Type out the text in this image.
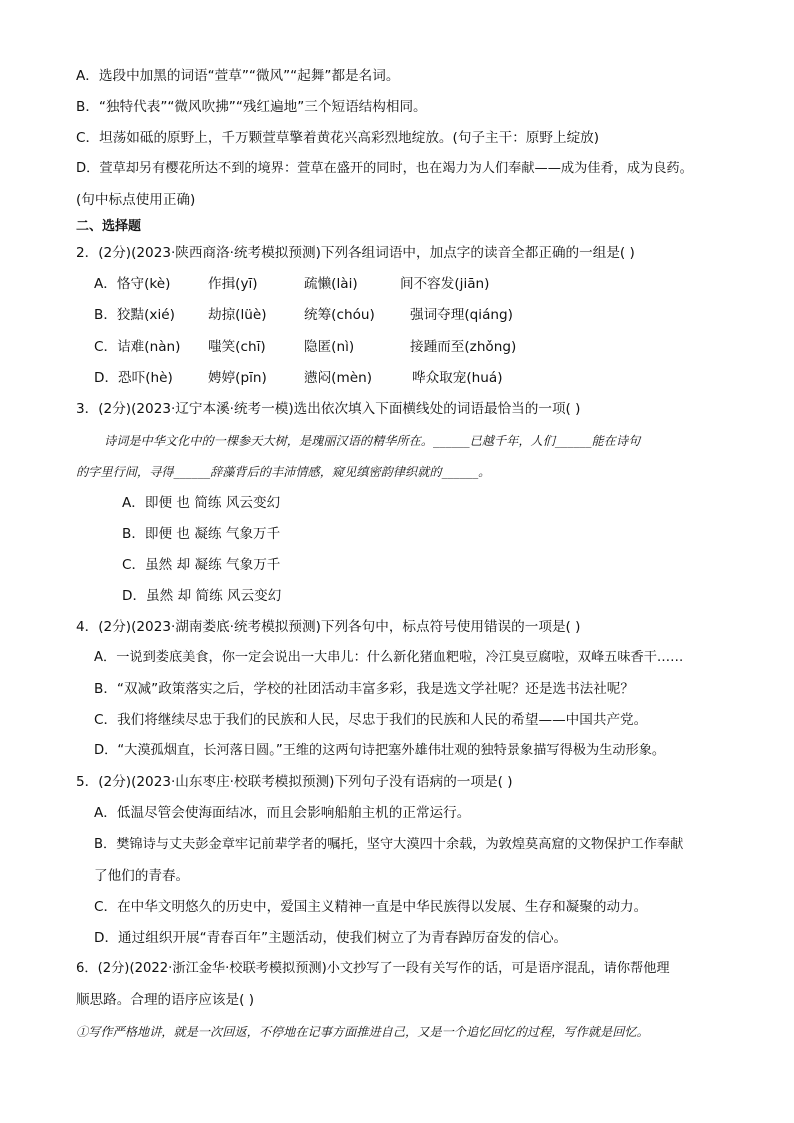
A．选段中加黑的词语“萱草”“微风”“起舞”都是名词。
B．“独特代表”“微风吹拂”“残红遍地”三个短语结构相同。
C．坦荡如砥的原野上，千万颗萱草擎着黄花兴高彩烈地绽放。(句子主干：原野上绽放)
D．萱草却另有樱花所达不到的境界：萱草在盛开的同时，也在竭力为人们奉献——成为佳肴，成为良药。
(句中标点使用正确)
二、选择题
2．(2分)(2023·陕西商洛·统考模拟预测)下列各组词语中，加点字的读音全都正确的一组是( )
A．恪守(kè)	作揖(yī)	疏懒(lài)	间不容发(jiān)
B．狡黠(xié) 劫掠(lüè)	统筹(chóu)	强词夺理(qiáng)
C．诘难(nàn) 嗤笑(chī)	隐匿(nì)	接踵而至(zhǒng)
D．恐吓(hè)	娉婷(pīn)	懑闷(mèn)	哗众取宠(huá)
3．(2分)(2023·辽宁本溪·统考一模)选出依次填入下面横线处的词语最恰当的一项( )
诗词是中华文化中的一棵参天大树，是瑰丽汉语的精华所在。______已越千年，人们______能在诗句
的字里行间，寻得______辞藻背后的丰沛情感，窥见缜密韵律织就的______。
A．即便 也 简练 风云变幻
B．即便 也 凝练 气象万千
C．虽然 却 凝练 气象万千
D．虽然 却 简练 风云变幻
4．(2分)(2023·湖南娄底·统考模拟预测)下列各句中，标点符号使用错误的一项是( )
A．一说到娄底美食，你一定会说出一大串儿：什么新化猪血粑啦，冷江臭豆腐啦，双峰五味香干……
B．“双减”政策落实之后，学校的社团活动丰富多彩，我是选文学社呢？还是选书法社呢？
C．我们将继续尽忠于我们的民族和人民，尽忠于我们的民族和人民的希望——中国共产党。
D．“大漠孤烟直，长河落日圆。”王维的这两句诗把塞外雄伟壮观的独特景象描写得极为生动形象。
5．(2分)(2023·山东枣庄·校联考模拟预测)下列句子没有语病的一项是( )
A．低温尽管会使海面结冰，而且会影响船舶主机的正常运行。
B．樊锦诗与丈夫彭金章牢记前辈学者的嘱托，坚守大漠四十余载，为敦煌莫高窟的文物保护工作奉献
了他们的青春。
C．在中华文明悠久的历史中，爱国主义精神一直是中华民族得以发展、生存和凝聚的动力。
D．通过组织开展“青春百年”主题活动，使我们树立了为青春踔厉奋发的信心。
6．(2分)(2022·浙江金华·校联考模拟预测)小文抄写了一段有关写作的话，可是语序混乱，请你帮他理
顺思路。合理的语序应该是( )
①写作严格地讲，就是一次回返，不停地在记事方面推进自己，又是一个追忆回忆的过程，写作就是回忆。
